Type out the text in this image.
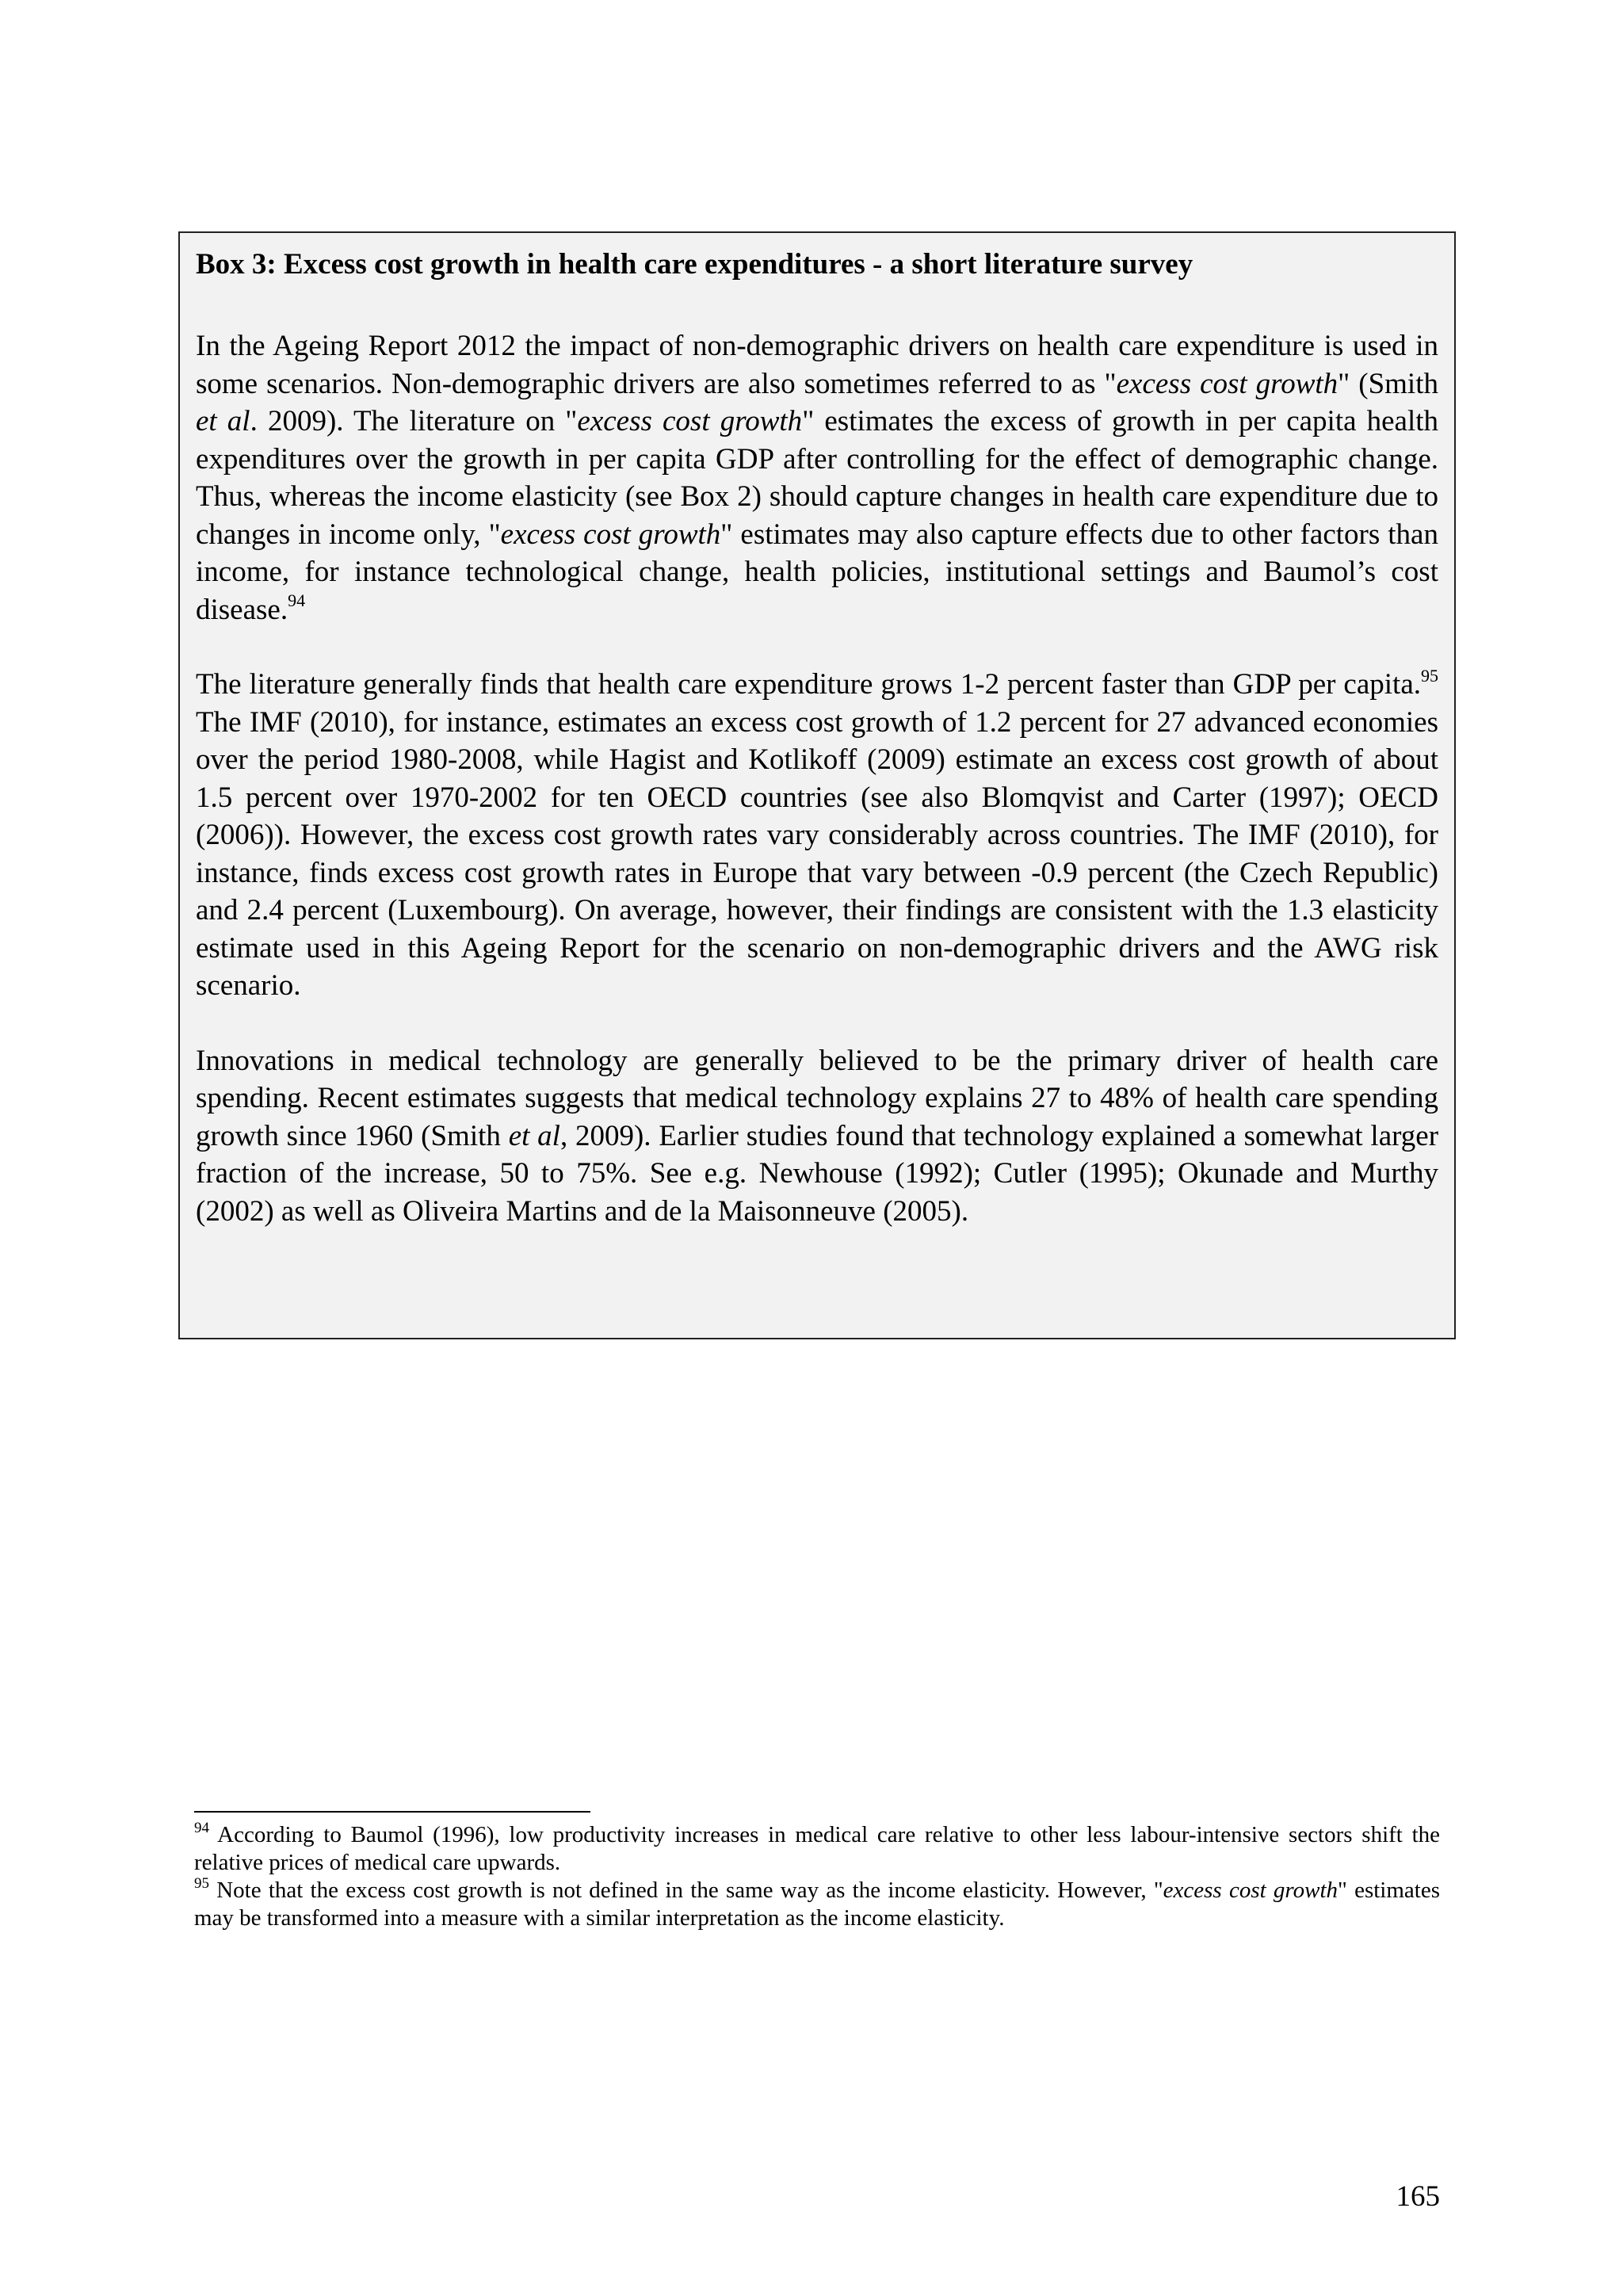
Box 3: Excess cost growth in health care expenditures - a short literature survey

In the Ageing Report 2012 the impact of non-demographic drivers on health care expenditure is used in some scenarios. Non-demographic drivers are also sometimes referred to as "excess cost growth" (Smith et al. 2009). The literature on "excess cost growth" estimates the excess of growth in per capita health expenditures over the growth in per capita GDP after controlling for the effect of demographic change. Thus, whereas the income elasticity (see Box 2) should capture changes in health care expenditure due to changes in income only, "excess cost growth" estimates may also capture effects due to other factors than income, for instance technological change, health policies, institutional settings and Baumol’s cost disease.$^{94}$

The literature generally finds that health care expenditure grows 1-2 percent faster than GDP per capita.$^{95}$ The IMF (2010), for instance, estimates an excess cost growth of 1.2 percent for 27 advanced economies over the period 1980-2008, while Hagist and Kotlikoff (2009) estimate an excess cost growth of about 1.5 percent over 1970-2002 for ten OECD countries (see also Blomqvist and Carter (1997); OECD (2006)). However, the excess cost growth rates vary considerably across countries. The IMF (2010), for instance, finds excess cost growth rates in Europe that vary between -0.9 percent (the Czech Republic) and 2.4 percent (Luxembourg). On average, however, their findings are consistent with the 1.3 elasticity estimate used in this Ageing Report for the scenario on non-demographic drivers and the AWG risk scenario.

Innovations in medical technology are generally believed to be the primary driver of health care spending. Recent estimates suggests that medical technology explains 27 to 48% of health care spending growth since 1960 (Smith et al, 2009). Earlier studies found that technology explained a somewhat larger fraction of the increase, 50 to 75%. See e.g. Newhouse (1992); Cutler (1995); Okunade and Murthy (2002) as well as Oliveira Martins and de la Maisonneuve (2005).

$^{94}$ According to Baumol (1996), low productivity increases in medical care relative to other less labour-intensive sectors shift the relative prices of medical care upwards.

$^{95}$ Note that the excess cost growth is not defined in the same way as the income elasticity. However, "excess cost growth" estimates may be transformed into a measure with a similar interpretation as the income elasticity.

165
